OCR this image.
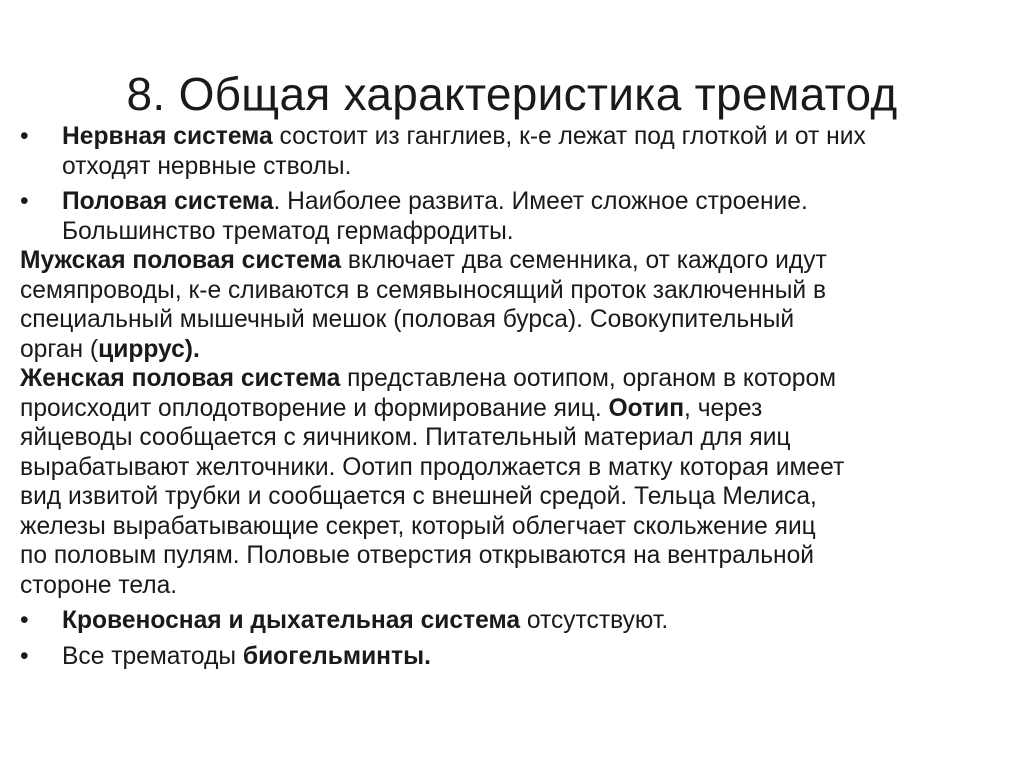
8. Общая характеристика трематод
• Нервная система состоит из ганглиев, к-е лежат под глоткой и от них
отходят нервные стволы.
• Половая система. Наиболее развита. Имеет сложное строение.
Большинство трематод гермафродиты.
Мужская половая система включает два семенника, от каждого идут
семяпроводы, к-е сливаются в семявыносящий проток заключенный в
специальный мышечный мешок (половая бурса). Совокупительный
орган (циррус).
Женская половая система представлена оотипом, органом в котором
происходит оплодотворение и формирование яиц. Оотип, через
яйцеводы сообщается с яичником. Питательный материал для яиц
вырабатывают желточники. Оотип продолжается в матку которая имеет
вид извитой трубки и сообщается с внешней средой. Тельца Мелиса,
железы вырабатывающие секрет, который облегчает скольжение яиц
по половым пулям. Половые отверстия открываются на вентральной
стороне тела.
• Кровеносная и дыхательная система отсутствуют.
• Все трематоды биогельминты.
